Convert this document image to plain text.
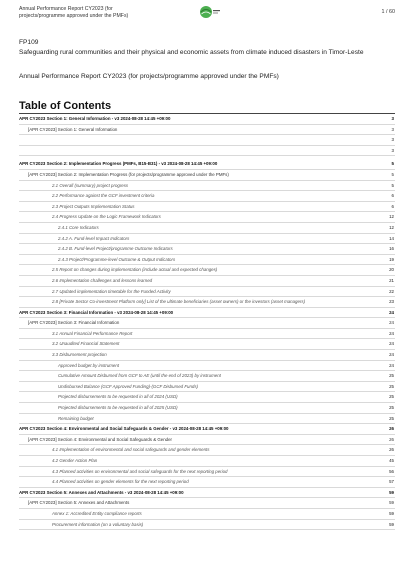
Annual Performance Report CY2023 (for
projects/programme approved under the PMFs)
1 / 60
FP109
Safeguarding rural communities and their physical and economic assets from climate induced disasters in Timor-Leste
Annual Performance Report CY2023 (for projects/programme approved under the PMFs)
Table of Contents
APR CY2023 Section 1: General Information - v3 2024-08-28 14:45 +09:00	3
[APR CY2023] Section 1: General Information	3
3
3
APR CY2023 Section 2: Implementation Progress (PMFs, B15-B31) - v3 2024-08-28 14:45 +09:00	5
[APR CY2023] Section 2: Implementation Progress (for projects/programme approved under the PMFs)	5
2.1 Overall (summary) project progress	5
2.2 Performance against the GCF investment criteria	6
2.3 Project Outputs Implementation Status	6
2.4 Progress Update on the Logic Framework Indicators	12
2.4.1 Core Indicators	12
2.4.2 A. Fund-level Impact Indicators	14
2.4.2 B. Fund-level Project/programme Outcome Indicators	16
2.4.3 Project/Programme-level Outcome & Output Indicators	19
2.5 Report on changes during implementation (include actual and expected changes)	20
2.6 Implementation challenges and lessons learned	21
2.7 Updated implementation timetable for the Funded Activity	22
2.8 [Private Sector Co-investment Platform only] List of the ultimate beneficiaries (asset owners) or the investors (asset managers)	23
APR CY2023 Section 3: Financial Information - v3 2024-08-28 14:45 +09:00	24
[APR CY2023] Section 3: Financial Information	24
3.1 Annual Financial Performance Report	24
3.2 Unaudited Financial Statement	24
3.3 Disbursement projection	24
Approved budget by instrument	24
Cumulative Amount Disbursed from GCF to AE (until the end of 2023) by instrument	25
Undisbursed Balance (GCF Approved Funding)-(GCF Disbursed Funds)	25
Projected disbursements to be requested in all of 2024 (USD)	25
Projected disbursements to be requested in all of 2025 (USD)	25
Remaining budget	25
APR CY2023 Section 4: Environmental and Social Safeguards & Gender - v3 2024-08-28 14:45 +09:00	26
[APR CY2023] Section 4: Environmental and Social Safeguards & Gender	26
4.1 Implementation of environmental and social safeguards and gender elements	26
4.2 Gender Action Plan	45
4.3 Planned activities on environmental and social safeguards for the next reporting period	56
4.4 Planned activities on gender elements for the next reporting period	57
APR CY2023 Section 5: Annexes and Attachments - v3 2024-08-28 14:45 +09:00	59
[APR CY2023] Section 5: Annexes and Attachments	59
Annex 1: Accredited Entity compliance reports	59
Procurement information (on a voluntary basis)	59
